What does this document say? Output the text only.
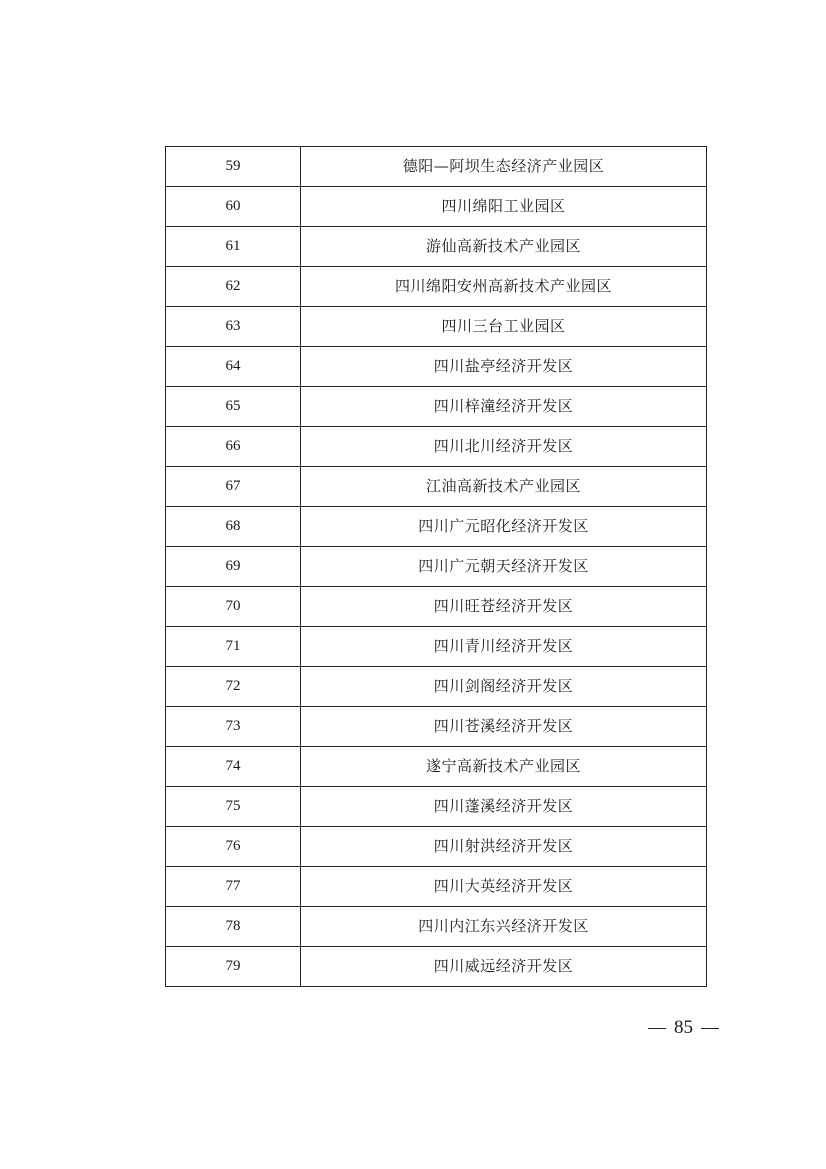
59	德阳—阿坝生态经济产业园区
60	四川绵阳工业园区
61	游仙高新技术产业园区
62	四川绵阳安州高新技术产业园区
63	四川三台工业园区
64	四川盐亭经济开发区
65	四川梓潼经济开发区
66	四川北川经济开发区
67	江油高新技术产业园区
68	四川广元昭化经济开发区
69	四川广元朝天经济开发区
70	四川旺苍经济开发区
71	四川青川经济开发区
72	四川剑阁经济开发区
73	四川苍溪经济开发区
74	遂宁高新技术产业园区
75	四川蓬溪经济开发区
76	四川射洪经济开发区
77	四川大英经济开发区
78	四川内江东兴经济开发区
79	四川威远经济开发区
85
